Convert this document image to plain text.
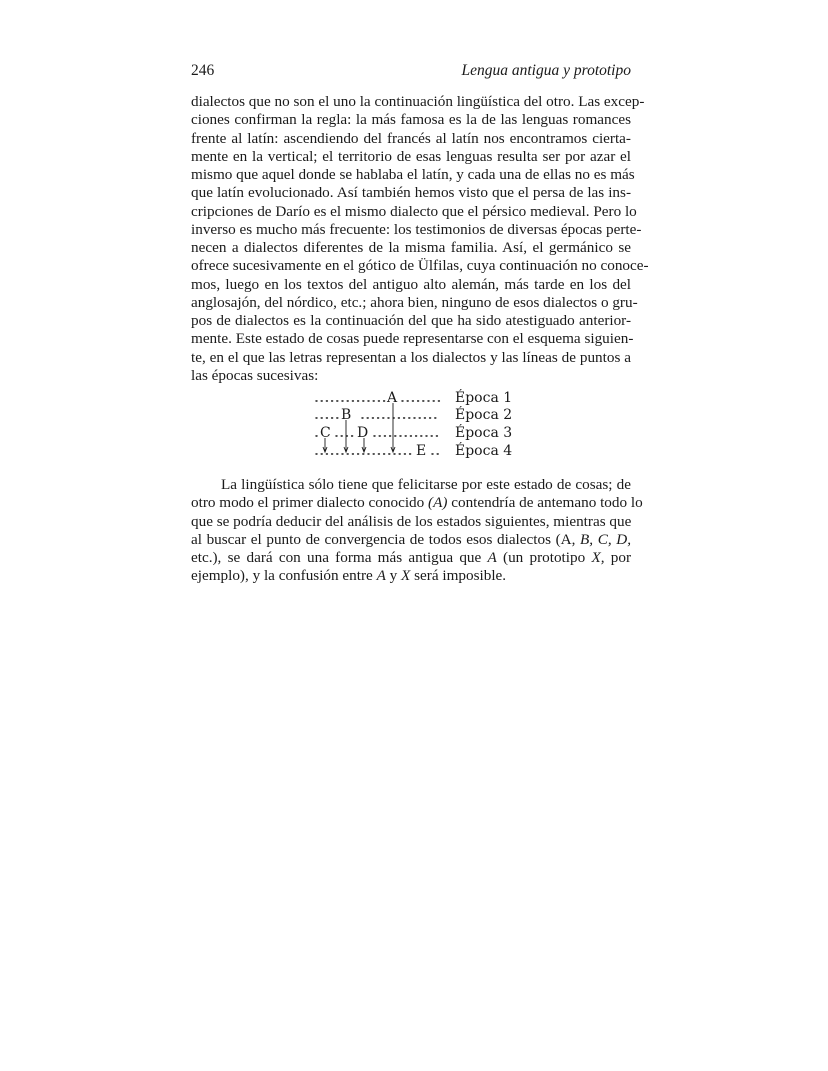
246	Lengua antigua y prototipo
dialectos que no son el uno la continuación lingüística del otro. Las excep-
ciones confirman la regla: la más famosa es la de las lenguas romances
frente al latín: ascendiendo del francés al latín nos encontramos cierta-
mente en la vertical; el territorio de esas lenguas resulta ser por azar el
mismo que aquel donde se hablaba el latín, y cada una de ellas no es más
que latín evolucionado. Así también hemos visto que el persa de las ins-
cripciones de Darío es el mismo dialecto que el pérsico medieval. Pero lo
inverso es mucho más frecuente: los testimonios de diversas épocas perte-
necen a dialectos diferentes de la misma familia. Así, el germánico se
ofrece sucesivamente en el gótico de Ülfilas, cuya continuación no conoce-
mos, luego en los textos del antiguo alto alemán, más tarde en los del
anglosajón, del nórdico, etc.; ahora bien, ninguno de esos dialectos o gru-
pos de dialectos es la continuación del que ha sido atestiguado anterior-
mente. Este estado de cosas puede representarse con el esquema siguien-
te, en el que las letras representan a los dialectos y las líneas de puntos a
las épocas sucesivas:
A
B
C D
E
Época 1
Época 2
Época 3
Época 4
La lingüística sólo tiene que felicitarse por este estado de cosas; de
otro modo el primer dialecto conocido (A) contendría de antemano todo lo
que se podría deducir del análisis de los estados siguientes, mientras que
al buscar el punto de convergencia de todos esos dialectos (A, B, C, D,
etc.), se dará con una forma más antigua que A (un prototipo X, por
ejemplo), y la confusión entre A y X será imposible.
